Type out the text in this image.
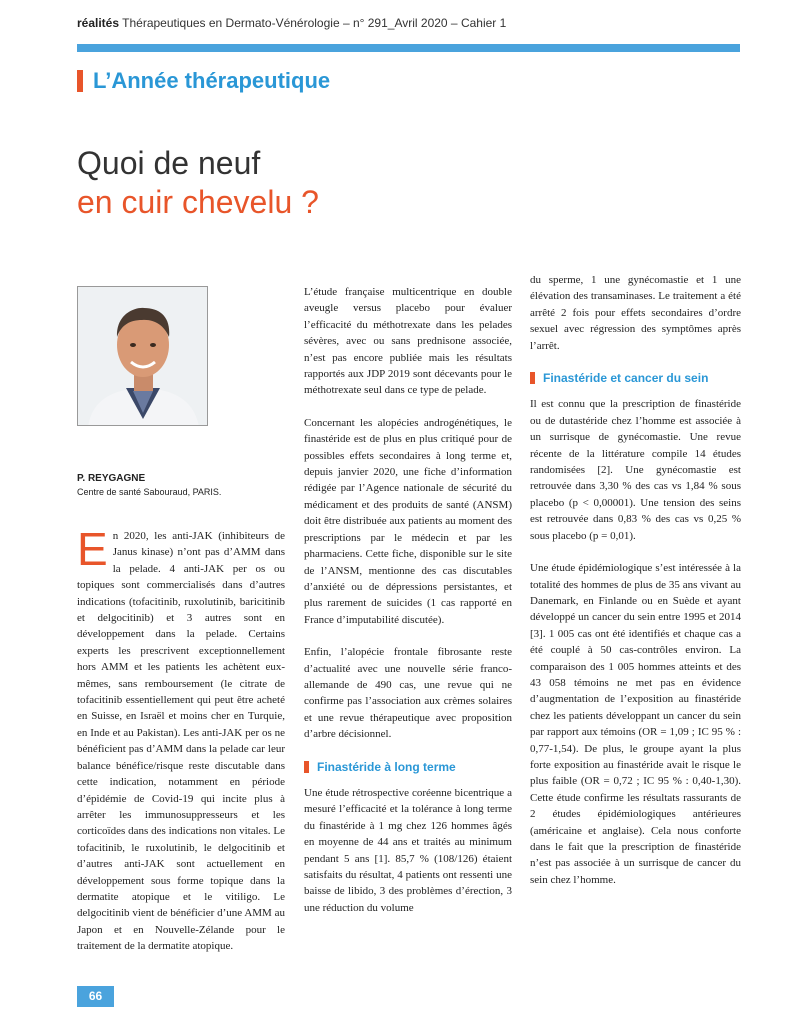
réalités Thérapeutiques en Dermato-Vénérologie – n° 291_Avril 2020 – Cahier 1
L’Année thérapeutique
Quoi de neuf
en cuir chevelu ?
P. REYGAGNE
Centre de santé Sabouraud, PARIS.

En 2020, les anti-JAK (inhibiteurs de Janus kinase) n’ont pas d’AMM dans la pelade. 4 anti-JAK per os ou topiques sont commercialisés dans d’autres indications (tofacitinib, ruxolutinib, baricitinib et delgocitinib) et 3 autres sont en développement dans la pelade. Certains experts les prescrivent exceptionnellement hors AMM et les patients les achètent eux-mêmes, sans remboursement (le citrate de tofacitinib essentiellement qui peut être acheté en Suisse, en Israël et moins cher en Turquie, en Inde et au Pakistan). Les anti-JAK per os ne bénéficient pas d’AMM dans la pelade car leur balance bénéfice/risque reste discutable dans cette indication, notamment en période d’épidémie de Covid-19 qui incite plus à arrêter les immunosuppresseurs et les corticoïdes dans des indications non vitales. Le tofacitinib, le ruxolutinib, le delgocitinib et d’autres anti-JAK sont actuellement en développement sous forme topique dans la dermatite atopique et le vitiligo. Le delgocitinib vient de bénéficier d’une AMM au Japon et en Nouvelle-Zélande pour le traitement de la dermatite atopique.

L’étude française multicentrique en double aveugle versus placebo pour évaluer l’efficacité du méthotrexate dans les pelades sévères, avec ou sans prednisone associée, n’est pas encore publiée mais les résultats rapportés aux JDP 2019 sont décevants pour le méthotrexate seul dans ce type de pelade.

Concernant les alopécies androgénétiques, le finastéride est de plus en plus critiqué pour de possibles effets secondaires à long terme et, depuis janvier 2020, une fiche d’information rédigée par l’Agence nationale de sécurité du médicament et des produits de santé (ANSM) doit être distribuée aux patients au moment des prescriptions par le médecin et par les pharmaciens. Cette fiche, disponible sur le site de l’ANSM, mentionne des cas discutables d’anxiété ou de dépressions persistantes, et plus rarement de suicides (1 cas rapporté en France d’imputabilité discutée).

Enfin, l’alopécie frontale fibrosante reste d’actualité avec une nouvelle série franco-allemande de 490 cas, une revue qui ne confirme pas l’association aux crèmes solaires et une revue thérapeutique avec proposition d’arbre décisionnel.

Finastéride à long terme

Une étude rétrospective coréenne bicentrique a mesuré l’efficacité et la tolérance à long terme du finastéride à 1 mg chez 126 hommes âgés en moyenne de 44 ans et traités au minimum pendant 5 ans [1]. 85,7 % (108/126) étaient satisfaits du résultat, 4 patients ont ressenti une baisse de libido, 3 des problèmes d’érection, 3 une réduction du volume

du sperme, 1 une gynécomastie et 1 une élévation des transaminases. Le traitement a été arrêté 2 fois pour effets secondaires d’ordre sexuel avec régression des symptômes après l’arrêt.

Finastéride et cancer du sein

Il est connu que la prescription de finastéride ou de dutastéride chez l’homme est associée à un surrisque de gynécomastie. Une revue récente de la littérature compile 14 études randomisées [2]. Une gynécomastie est retrouvée dans 3,30 % des cas vs 1,84 % sous placebo (p < 0,00001). Une tension des seins est retrouvée dans 0,83 % des cas vs 0,25 % sous placebo (p = 0,01).

Une étude épidémiologique s’est intéressée à la totalité des hommes de plus de 35 ans vivant au Danemark, en Finlande ou en Suède et ayant développé un cancer du sein entre 1995 et 2014 [3]. 1 005 cas ont été identifiés et chaque cas a été couplé à 50 cas-contrôles environ. La comparaison des 1 005 hommes atteints et des 43 058 témoins ne met pas en évidence d’augmentation de l’exposition au finastéride chez les patients développant un cancer du sein par rapport aux témoins (OR = 1,09 ; IC 95 % : 0,77-1,54). De plus, le groupe ayant la plus forte exposition au finastéride avait le risque le plus faible (OR = 0,72 ; IC 95 % : 0,40-1,30). Cette étude confirme les résultats rassurants de 2 études épidémiologiques antérieures (américaine et anglaise). Cela nous conforte dans le fait que la prescription de finastéride n’est pas associée à un surrisque de cancer du sein chez l’homme.

66
